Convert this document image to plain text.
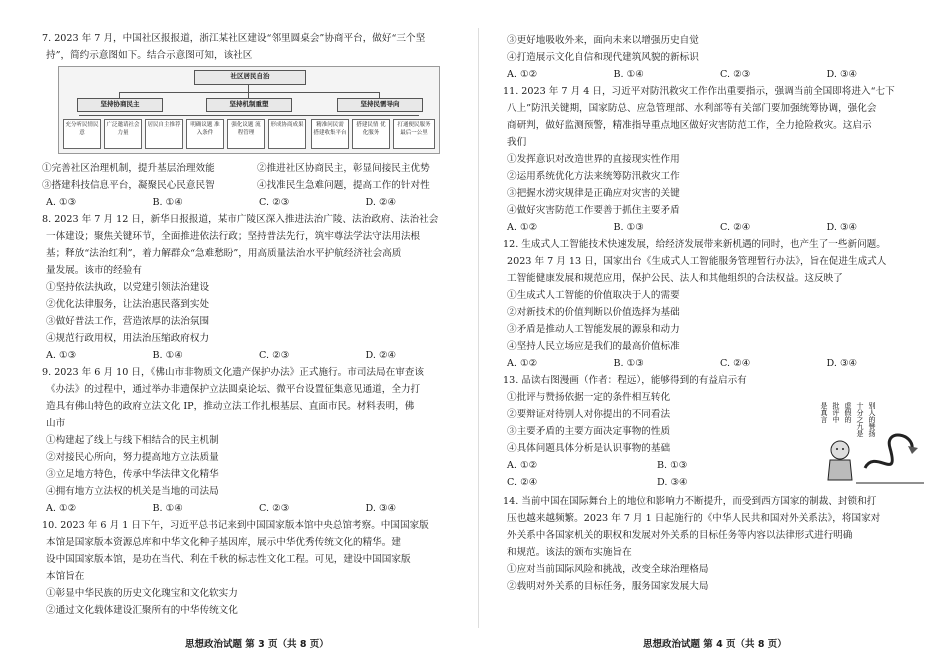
7. 2023 年 7 月，中国社区报报道，浙江某社区建设“邻里圆桌会”协商平台，做好“三个坚

持”，简约示意图如下。结合示意图可知，该社区

社区居民自治
坚持协商民主	坚持机制重塑	坚持民需导向
充分听民情民意
广泛邀请社会力量
居民自主推荐	明确议题 准入条件
强化议题 流程管理
形成协商成果	精准问民需 搭建收集平台
搭建民情 优化服务
打通便民服务 最后一公里
①完善社区治理机制，提升基层治理效能	②推进社区协商民主，彰显间接民主优势
③搭建科技信息平台，凝聚民心民意民智	④找准民生急难问题，提高工作的针对性
A. ①③	B. ①④	C. ②③	D. ②④

8. 2023 年 7 月 12 日，新华日报报道，某市广陵区深入推进法治广陵、法治政府、法治社会

一体建设；聚焦关键环节，全面推进依法行政；坚持普法先行，筑牢尊法学法守法用法根

基；释放“法治红利”，着力解群众“急难愁盼”，用高质量法治水平护航经济社会高质

量发展。该市的经验有

①坚持依法执政，以党建引领法治建设

②优化法律服务，让法治惠民落到实处

③做好普法工作，营造浓厚的法治氛围

④规范行政用权，用法治压缩政府权力

A. ①③	B. ①④	C. ②③	D. ②④

9. 2023 年 6 月 10 日，《佛山市非物质文化遗产保护办法》正式施行。市司法局在审查该

《办法》的过程中，通过举办非遗保护立法圆桌论坛、微平台设置征集意见通道，全力打

造具有佛山特色的政府立法文化 IP，推动立法工作扎根基层、直面市民。材料表明，佛

山市

①构建起了线上与线下相结合的民主机制

②对接民心所向，努力提高地方立法质量

③立足地方特色，传承中华法律文化精华

④拥有地方立法权的机关是当地的司法局

A. ①②	B. ①④	C. ②③	D. ③④

10. 2023 年 6 月 1 日下午，习近平总书记来到中国国家版本馆中央总馆考察。中国国家版

本馆是国家版本资源总库和中华文化种子基因库，展示中华优秀传统文化的精华。建

设中国国家版本馆，是功在当代、利在千秋的标志性文化工程。可见，建设中国国家版

本馆旨在

①彰显中华民族的历史文化瑰宝和文化软实力

②通过文化载体建设汇聚所有的中华传统文化

思想政治试题 第 3 页（共 8 页）

③更好地吸收外来，面向未来以增强历史自觉

④打造展示文化自信和现代建筑风貌的新标识

A. ①②	B. ①④	C. ②③	D. ③④

11. 2023 年 7 月 4 日，习近平对防汛救灾工作作出重要指示，强调当前全国即将进入“七下

八上”防汛关键期，国家防总、应急管理部、水利部等有关部门要加强统筹协调，强化会

商研判，做好监测预警，精准指导重点地区做好灾害防范工作，全力抢险救灾。这启示

我们

①发挥意识对改造世界的直接现实性作用

②运用系统优化方法来统筹防汛救灾工作

③把握水涝灾规律是正确应对灾害的关键

④做好灾害防范工作要善于抓住主要矛盾

A. ①②	B. ①③	C. ②④	D. ③④

12. 生成式人工智能技术快速发展，给经济发展带来新机遇的同时，也产生了一些新问题。

2023 年 7 月 13 日，国家出台《生成式人工智能服务管理暂行办法》，旨在促进生成式人

工智能健康发展和规范应用，保护公民、法人和其他组织的合法权益。这反映了

①生成式人工智能的价值取决于人的需要

②对新技术的价值判断以价值选择为基础

③矛盾是推动人工智能发展的源泉和动力

④坚持人民立场应是我们的最高价值标准

A. ①②	B. ①③	C. ②④	D. ③④

13. 品读右图漫画（作者：程远），能够得到的有益启示有

①批评与赞扬依据一定的条件相互转化

②要辩证对待别人对你提出的不同看法

③主要矛盾的主要方面决定事物的性质

④具体问题具体分析是认识事物的基础

A. ①②	B. ①③
C. ②④	D. ③④

14. 当前中国在国际舞台上的地位和影响力不断提升，而受到西方国家的制裁、封锁和打

压也越来越频繁。2023 年 7 月 1 日起施行的《中华人民共和国对外关系法》，将国家对

外关系中各国家机关的职权和发展对外关系的目标任务等内容以法律形式进行明确

和规范。该法的颁布实施旨在

①应对当前国际风险和挑战，改变全球治理格局

②载明对外关系的目标任务，服务国家发展大局

是真言 批评中 虚假的 十分之九是 别人的赞扬
思想政治试题 第 4 页（共 8 页）
